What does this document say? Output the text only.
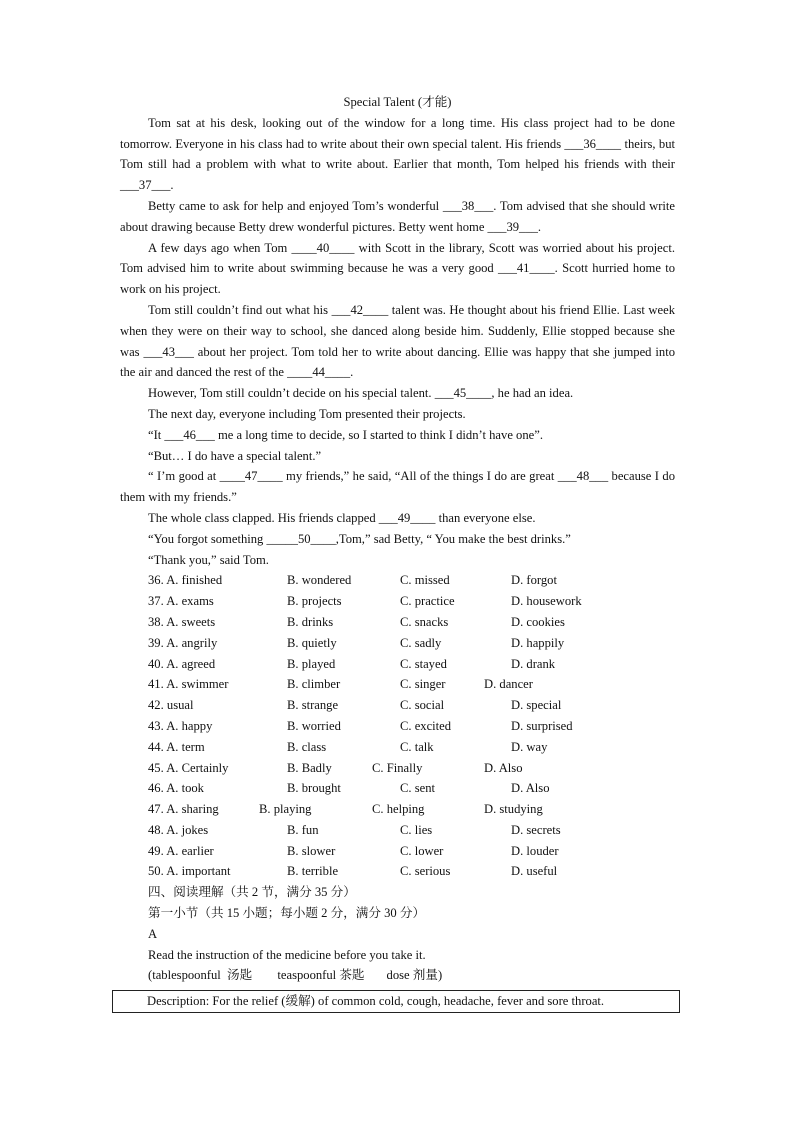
Special Talent (才能)

Tom sat at his desk, looking out of the window for a long time. His class project had to be done tomorrow. Everyone in his class had to write about their own special talent. His friends ___36____ theirs, but Tom still had a problem with what to write about. Earlier that month, Tom helped his friends with their ___37___.

Betty came to ask for help and enjoyed Tom’s wonderful ___38___. Tom advised that she should write about drawing because Betty drew wonderful pictures. Betty went home ___39___.

A few days ago when Tom ____40____ with Scott in the library, Scott was worried about his project. Tom advised him to write about swimming because he was a very good ___41____. Scott hurried home to work on his project.

Tom still couldn’t find out what his ___42____ talent was. He thought about his friend Ellie. Last week when they were on their way to school, she danced along beside him. Suddenly, Ellie stopped because she was ___43___ about her project. Tom told her to write about dancing. Ellie was happy that she jumped into the air and danced the rest of the ____44____.

However, Tom still couldn’t decide on his special talent. ___45____, he had an idea.

The next day, everyone including Tom presented their projects.

“It ___46___ me a long time to decide, so I started to think I didn’t have one”.

“But… I do have a special talent.”

“ I’m good at ____47____ my friends,” he said, “All of the things I do are great ___48___ because I do them with my friends.”

The whole class clapped. His friends clapped ___49____ than everyone else.

“You forgot something _____50____,Tom,” sad Betty, “ You make the best drinks.”

“Thank you,” said Tom.

36. A. finished	B. wondered	C. missed	D. forgot
37. A. exams	B. projects	C. practice	D. housework
38. A. sweets	B. drinks	C. snacks	D. cookies
39. A. angrily	B. quietly	C. sadly	D. happily
40. A. agreed	B. played	C. stayed	D. drank
41. A. swimmer	B. climber	C. singer	D. dancer
42. usual	B. strange	C. social	D. special
43. A. happy	B. worried	C. excited	D. surprised
44. A. term	B. class	C. talk	D. way
45. A. Certainly	B. Badly	C. Finally	D. Also
46. A. took	B. brought	C. sent	D. Also
47. A. sharing	B. playing	C. helping	D. studying
48. A. jokes	B. fun	C. lies	D. secrets
49. A. earlier	B. slower	C. lower	D. louder
50. A. important	B. terrible	C. serious	D. useful
四、阅读理解（共 2 节，满分 35 分）
第一小节（共 15 小题；每小题 2 分，满分 30 分）
A
Read the instruction of the medicine before you take it.
(tablespoonful  汤匙        teaspoonful 茶匙       dose 剂量)
Description: For the relief (缓解) of common cold, cough, headache, fever and sore throat.
